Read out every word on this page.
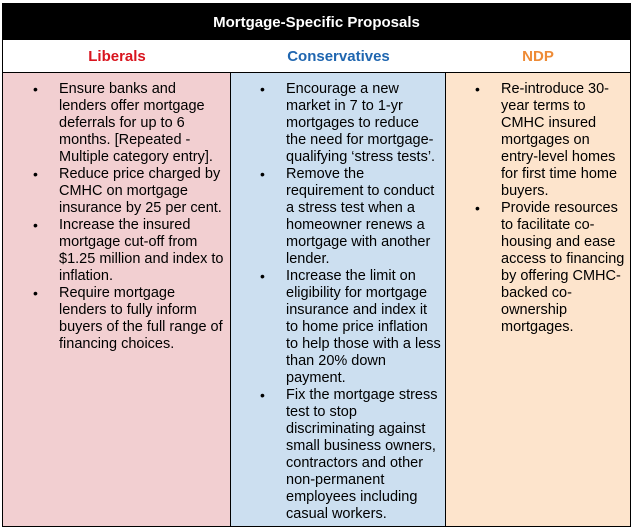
Mortgage-Specific Proposals
Liberals	Conservatives	NDP
• Ensure banks and lenders offer mortgage deferrals for up to 6 months. [Repeated - Multiple category entry].
• Reduce price charged by CMHC on mortgage insurance by 25 per cent.
• Increase the insured mortgage cut-off from $1.25 million and index to inflation.
• Require mortgage lenders to fully inform buyers of the full range of financing choices.
• Encourage a new market in 7 to 1-yr mortgages to reduce the need for mortgage-qualifying ‘stress tests’.
• Remove the requirement to conduct a stress test when a homeowner renews a mortgage with another lender.
• Increase the limit on eligibility for mortgage insurance and index it to home price inflation to help those with a less than 20% down payment.
• Fix the mortgage stress test to stop discriminating against small business owners, contractors and other non-permanent employees including casual workers.
• Re-introduce 30-year terms to CMHC insured mortgages on entry-level homes for first time home buyers.
• Provide resources to facilitate co-housing and ease access to financing by offering CMHC-backed co-ownership mortgages.
